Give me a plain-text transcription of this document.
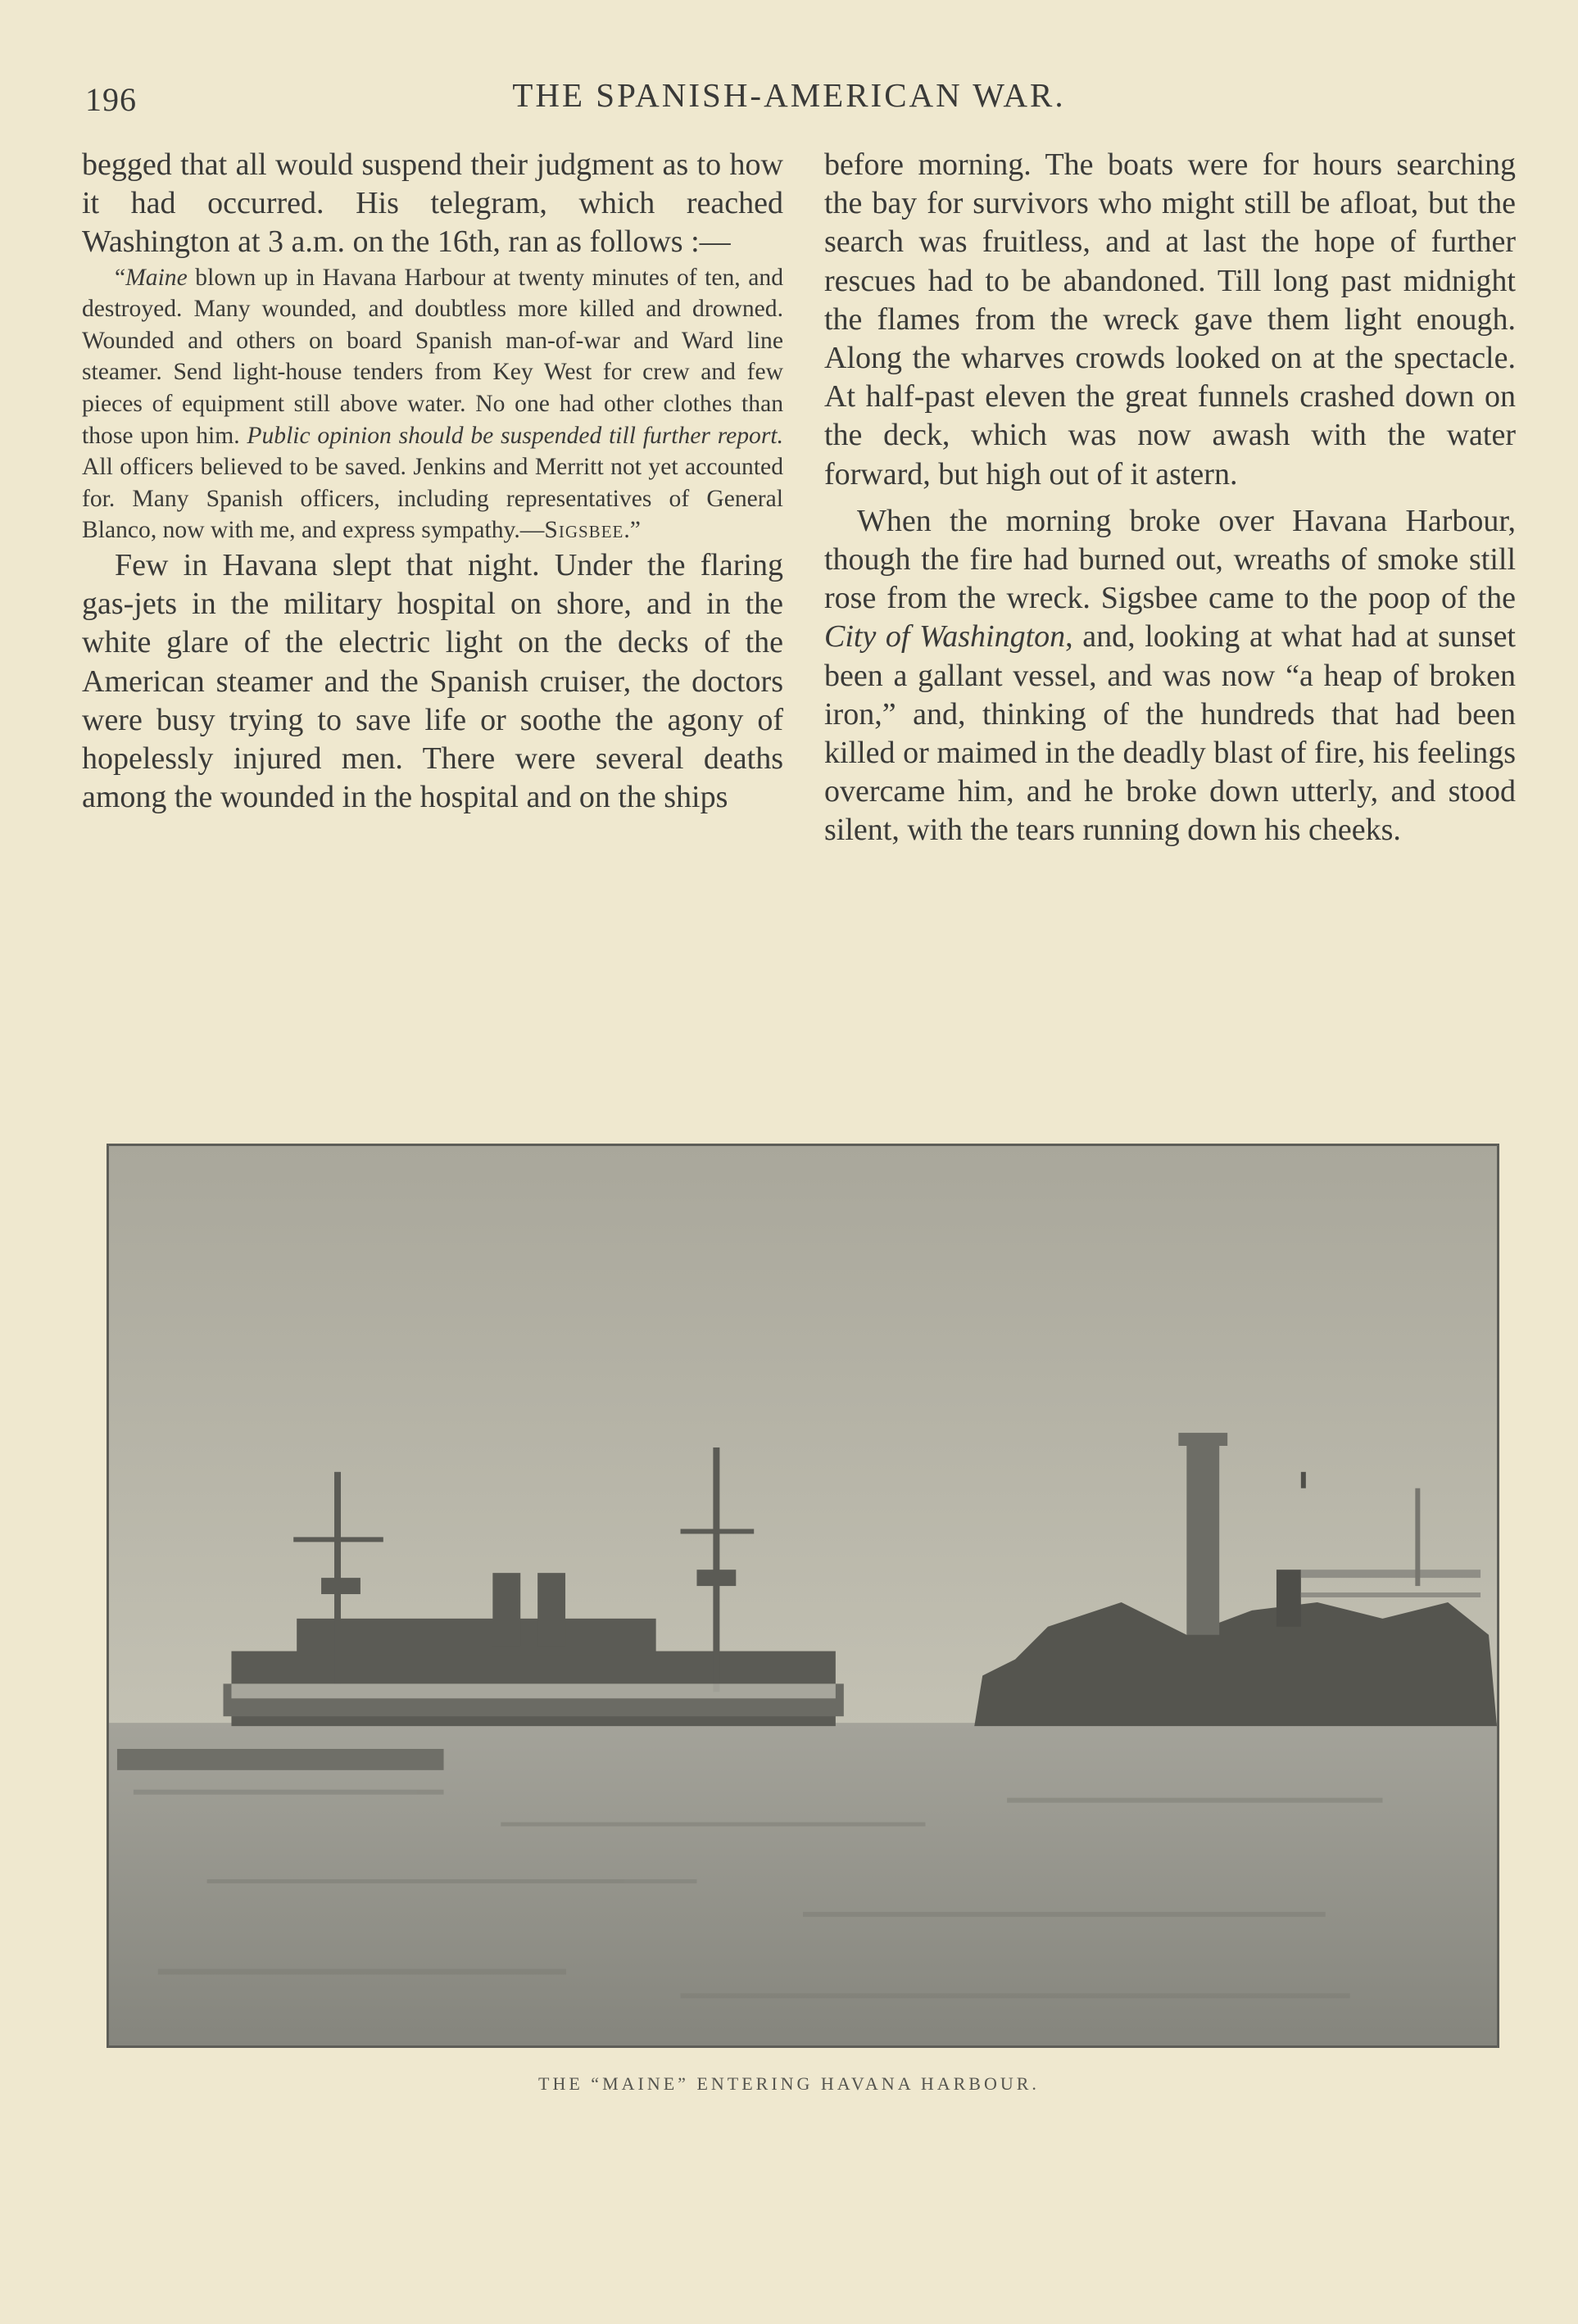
196	THE SPANISH-AMERICAN WAR.

begged that all would suspend their judgment as to how it had occurred. His telegram, which reached Washington at 3 a.m. on the 16th, ran as follows :—

“Maine blown up in Havana Harbour at twenty minutes of ten, and destroyed. Many wounded, and doubtless more killed and drowned. Wounded and others on board Spanish man-of-war and Ward line steamer. Send light-house tenders from Key West for crew and few pieces of equipment still above water. No one had other clothes than those upon him. Public opinion should be suspended till further report. All officers believed to be saved. Jenkins and Merritt not yet accounted for. Many Spanish officers, including representatives of General Blanco, now with me, and express sympathy.—Sigsbee.”

Few in Havana slept that night. Under the flaring gas-jets in the military hospital on shore, and in the white glare of the electric light on the decks of the American steamer and the Spanish cruiser, the doctors were busy trying to save life or soothe the agony of hopelessly injured men. There were several deaths among the wounded in the hospital and on the ships

before morning. The boats were for hours searching the bay for survivors who might still be afloat, but the search was fruitless, and at last the hope of further rescues had to be abandoned. Till long past midnight the flames from the wreck gave them light enough. Along the wharves crowds looked on at the spectacle. At half-past eleven the great funnels crashed down on the deck, which was now awash with the water forward, but high out of it astern.

When the morning broke over Havana Harbour, though the fire had burned out, wreaths of smoke still rose from the wreck. Sigsbee came to the poop of the City of Washington, and, looking at what had at sunset been a gallant vessel, and was now “a heap of broken iron,” and, thinking of the hundreds that had been killed or maimed in the deadly blast of fire, his feelings overcame him, and he broke down utterly, and stood silent, with the tears running down his cheeks.

THE “MAINE” ENTERING HAVANA HARBOUR.
